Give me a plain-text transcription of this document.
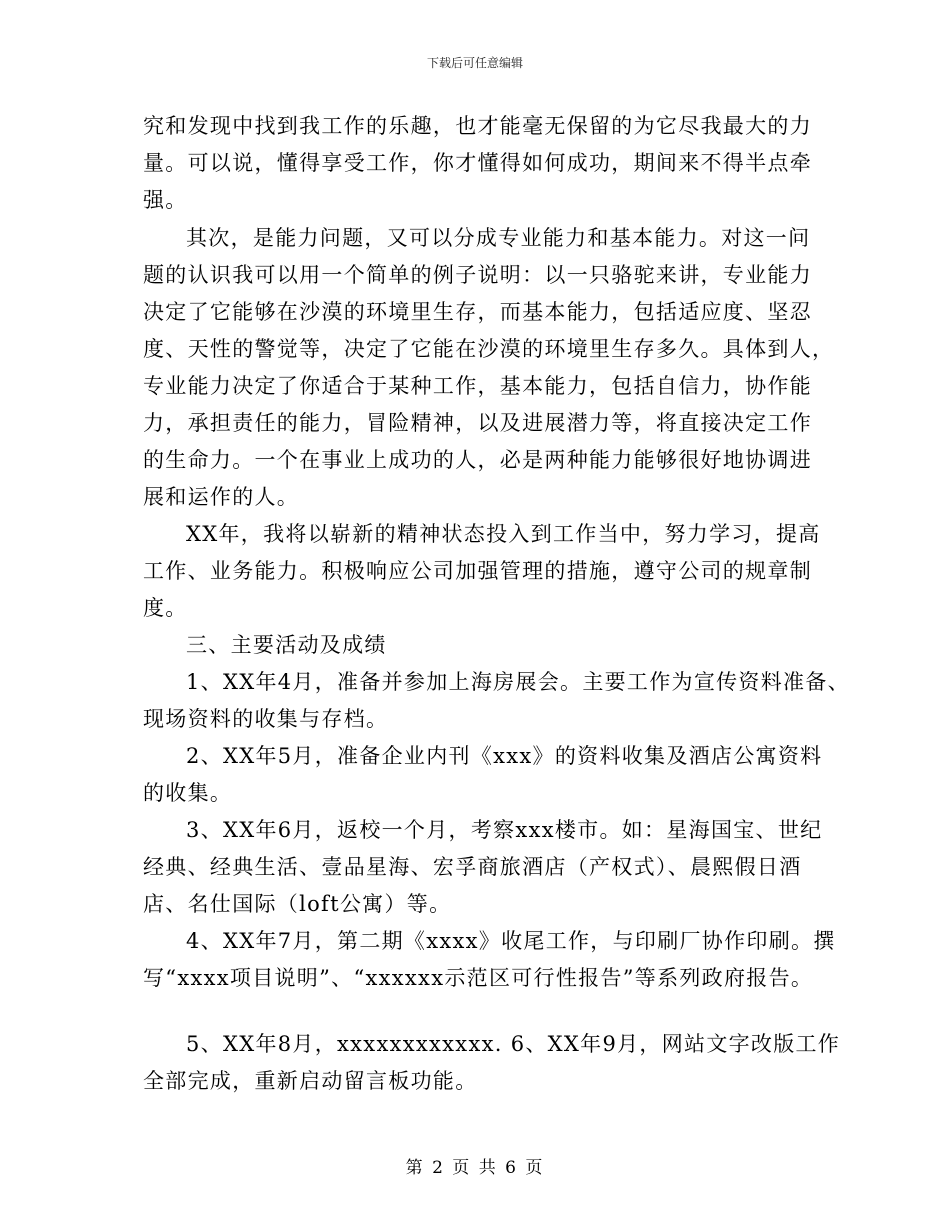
下载后可任意编辑
究和发现中找到我工作的乐趣，也才能毫无保留的为它尽我最大的力
量。可以说，懂得享受工作，你才懂得如何成功，期间来不得半点牵
强。
其次，是能力问题，又可以分成专业能力和基本能力。对这一问
题的认识我可以用一个简单的例子说明：以一只骆驼来讲，专业能力
决定了它能够在沙漠的环境里生存，而基本能力，包括适应度、坚忍
度、天性的警觉等，决定了它能在沙漠的环境里生存多久。具体到人，
专业能力决定了你适合于某种工作，基本能力，包括自信力，协作能
力，承担责任的能力，冒险精神，以及进展潜力等，将直接决定工作
的生命力。一个在事业上成功的人，必是两种能力能够很好地协调进
展和运作的人。
XX年，我将以崭新的精神状态投入到工作当中，努力学习，提高
工作、业务能力。积极响应公司加强管理的措施，遵守公司的规章制
度。
三、主要活动及成绩
1、XX年4月，准备并参加上海房展会。主要工作为宣传资料准备、
现场资料的收集与存档。
2、XX年5月，准备企业内刊《xxx》的资料收集及酒店公寓资料
的收集。
3、XX年6月，返校一个月，考察xxx楼市。如：星海国宝、世纪
经典、经典生活、壹品星海、宏孚商旅酒店（产权式）、晨熙假日酒
店、名仕国际（loft公寓）等。
4、XX年7月，第二期《xxxx》收尾工作，与印刷厂协作印刷。撰
写“xxxx项目说明”、“xxxxxx示范区可行性报告”等系列政府报告。
5、XX年8月，xxxxxxxxxxxx. 6、XX年9月，网站文字改版工作
全部完成，重新启动留言板功能。
第 2 页 共 6 页
